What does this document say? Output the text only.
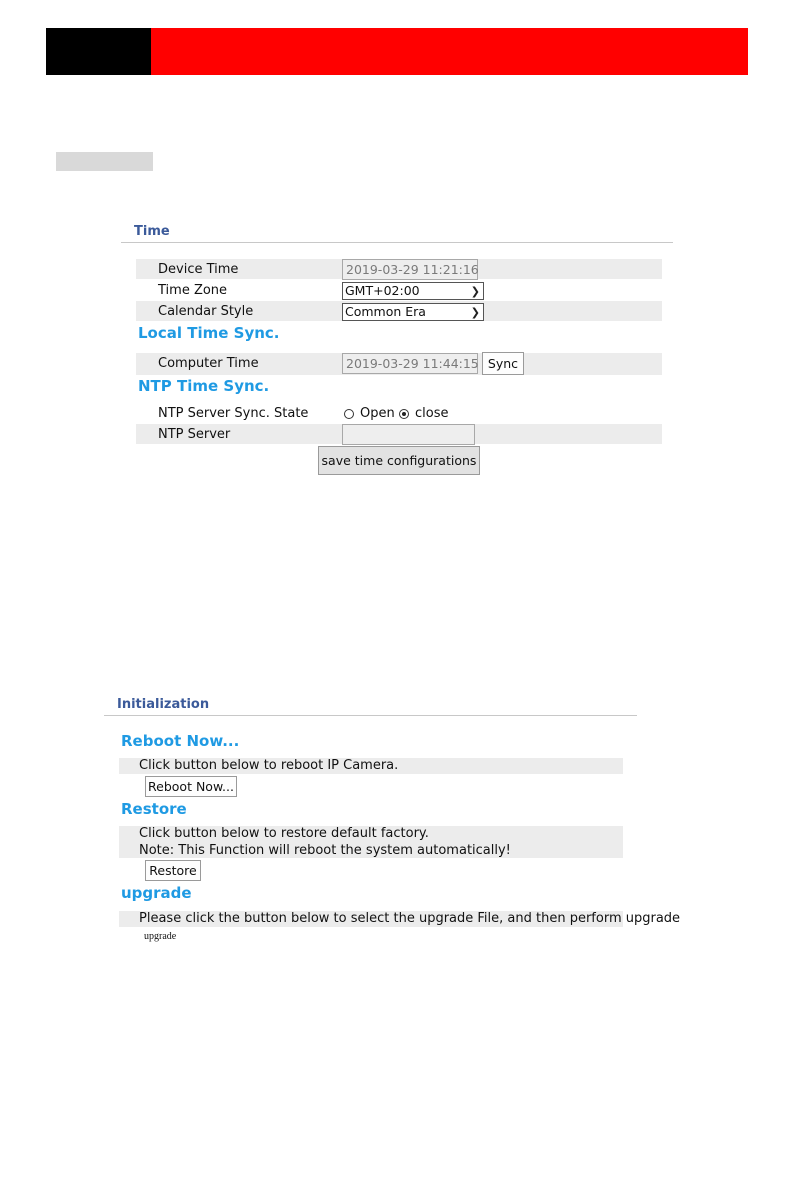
Time
Device Time	2019-03-29 11:21:16
Time Zone	GMT+02:00	❯
Calendar Style	Common Era	❯
Local Time Sync.
Computer Time	2019-03-29 11:44:15 Sync
NTP Time Sync.
NTP Server Sync. State	Open close
NTP Server
save time configurations
Initialization
Reboot Now...
Click button below to reboot IP Camera.
Reboot Now...
Restore
Click button below to restore default factory.
Note: This Function will reboot the system automatically!
Restore
upgrade
Please click the button below to select the upgrade File, and then perform upgrade
upgrade
